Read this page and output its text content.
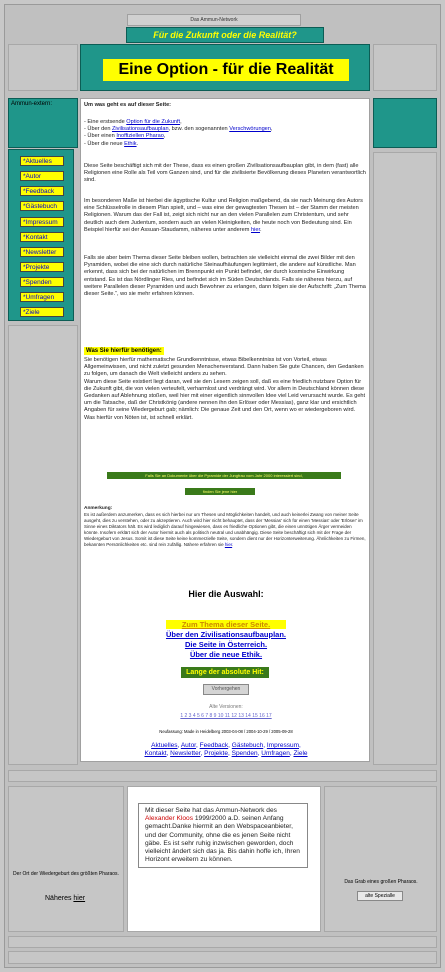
Das Ammun-Network
Für die Zukunft oder die Realität?
Eine Option - für die Realität
Ammun-extern:
*Aktuelles
*Autor
*Feedback
*Gästebuch
*Impressum
*Kontakt
*Newsletter
*Projekte
*Spenden
*Umfragen
*Ziele

Um was geht es auf dieser Seite:

- Eine erstsende Option für die Zukunft,

- Über den Zivilisationsaufbauplan, bzw. den sogenannten Verschwörungen,

- Über einen Inoffiziellen Pharao,

- Über die neue Ethik.

Diese Seite beschäftigt sich mit der These, dass es einen großen Zivilisationsaufbauplan gibt, in dem (fast) alle Religionen eine Rolle als Teil vom Ganzen sind, und für die zivilisierte Bevölkerung dieses Planeten verantwortlich sind.

Im besonderen Maße ist hierbei die ägyptische Kultur und Religion maßgebend, da sie nach Meinung des Autors eine Schlüsselrolle in diesem Plan spielt, und – was eine der gewagtesten Thesen ist – der Stamm der meisten Religionen. Warum das der Fall ist, zeigt sich nicht nur an den vielen Parallelen zum Christentum, und sehr deutlich auch dem Judentum, sondern auch an vielen Kleinigkeiten, die heute noch von Bedeutung sind. Ein Beispiel hierfür sei der Assuan-Staudamm, näheres unter anderem hier.

Falls sie aber beim Thema dieser Seite bleiben wollen, betrachten sie vielleicht einmal die zwei Bilder mit den Pyramiden, wobei die eine sich durch natürliche Steinaufhäufungen legitimiert, die andere auf künstliche. Man erkennt, dass sich bei der natürlichen im Brennpunkt ein Punkt befindet, der durch kosmische Einwirkung entstand. Es ist das Nördlinger Ries, und befindet sich im Süden Deutschlands. Falls sie näheres hierzu, auf weitere Parallelen dieser Pyramiden und auch Bewohner zu erlangen, dann folgen sie der Aufschrift: „Zum Thema dieser Seite.“, wo sie mehr erfahren können.

Was Sie hierfür benötigen:

Sie benötigen hierfür mathematische Grundkenntnisse, etwas Bibelkenntniss ist von Vorteil, etwas Allgemeinwissen, und nicht zuletzt gesunden Menschenverstand. Dann haben Sie gute Chancen, den Gedanken zu folgen, um danach die Welt vielleicht anders zu sehen.
Warum diese Seite existiert liegt daran, weil sie den Lesern zeigen soll, daß es eine friedlich nutzbare Option für die Zukunft gibt, die von vielen verteufelt, verharmlost und verdrängt wird. Vor allem in Deutschland können diese Gedanken auf Ablehnung stoßen, weil hier mit einer eigentlich sinnvollen Idee viel Leid verursacht wurde. Es geht um die Tatsache, daß der Christkönig (andere nennen ihn den Erlöser oder Messias), ganz klar und ersichtlich Angaben für seine Wiedergeburt gab; nämlich: Die genaue Zeit und den Ort, wenn wo er wiedergeboren wird. Was hierfür von Nöten ist, ist schnell erklärt.

Falls Sie an Dokumente über die Pyramide der Jungfrau vom Jahr 2000 interessiert sind,
finden Sie jene hier

Anmerkung:

Es ist außerdem anzumerken, dass es sich hierbei nur um Thesen und Möglichkeiten handelt, und auch keinerlei Zwang von meiner Seite ausgeht, dies zu verstehen, oder zu akzeptieren. Auch wird hier nicht behauptet, dass der 'Messias' sich für einen 'Messias' oder 'Erlöser' im Sinne eines Diktators hält. Es wird lediglich darauf hingewiesen, dass es friedliche Optionen gibt, die einen unnötigen Ärger vermeiden könnte. Insofern erklärt sich der Autor hiermit auch als politisch neutral und unabhängig. Diese Seite beschäftigt sich mit der Frage der Wiedergeburt von Jesus. Somit ist diese Seite keine kommerzielle Seite, sondern dient nur der Horizonterweiterung. Ähnlichkeiten zu Firmen, bekannten Persönlichkeiten etc. sind rein zufällig. Nähere erfahren sie hier.

Hier die Auswahl:
Zum Thema dieser Seite.
Über den Zivilisationsaufbauplan.
Die Seite in Österreich.
Über die neue Ethik.
Lange der absolute Hit:
Vorhergehen
Alte Versionen:
1 2 3 4 5 6 7 8 9 10 11 12 13 14 15 16 17
Neufassung: Made in Heidelberg 2003-04-08 / 2004-10-29 / 2005-09-28
Aktuelles, Autor, Feedback, Gästebuch, Impressum,
Kontakt, Newsletter, Projekte, Spenden, Umfragen, Ziele
Der Ort der Wiedergeburt des größten Pharaos.
Näheres hier
Mit dieser Seite hat das Ammun-Network des Alexander Kloos 1999/2000 a.D. seinen Anfang gemacht.Danke hiermit an den Webspaceanbieter, und der Community, ohne die es jenen Seite nicht gäbe. Es ist sehr ruhig inzwischen geworden, doch vielleicht ändert sich das ja. Bis dahin hoffe ich, Ihren Horizont erweitern zu können.
Das Grab eines großen Pharaos.
alte Spezialle
